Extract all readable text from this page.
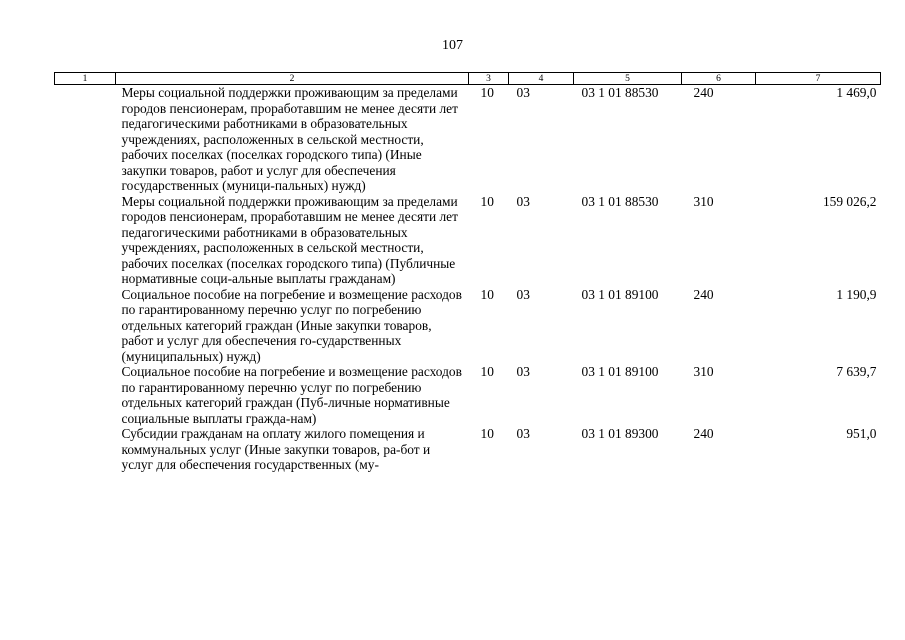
107
1	2	3	4	5	6	7
	Меры социальной поддержки проживающим за пределами городов пенсионерам, проработавшим не менее десяти лет педагогическими работниками в образовательных учреждениях, расположенных в сельской местности, рабочих поселках (поселках городского типа) (Иные закупки товаров, работ и услуг для обеспечения государственных (муници-пальных) нужд)	10	03	03 1 01 88530	240	1 469,0
	Меры социальной поддержки проживающим за пределами городов пенсионерам, проработавшим не менее десяти лет педагогическими работниками в образовательных учреждениях, расположенных в сельской местности, рабочих поселках (поселках городского типа) (Публичные нормативные соци-альные выплаты гражданам)	10	03	03 1 01 88530	310	159 026,2
	Социальное пособие на погребение и возмещение расходов по гарантированному перечню услуг по погребению отдельных категорий граждан (Иные закупки товаров, работ и услуг для обеспечения го-сударственных (муниципальных) нужд)	10	03	03 1 01 89100	240	1 190,9
	Социальное пособие на погребение и возмещение расходов по гарантированному перечню услуг по погребению отдельных категорий граждан (Пуб-личные нормативные социальные выплаты гражда-нам)	10	03	03 1 01 89100	310	7 639,7
	Субсидии гражданам на оплату жилого помещения и коммунальных услуг (Иные закупки товаров, ра-бот и услуг для обеспечения государственных (му-	10	03	03 1 01 89300	240	951,0
